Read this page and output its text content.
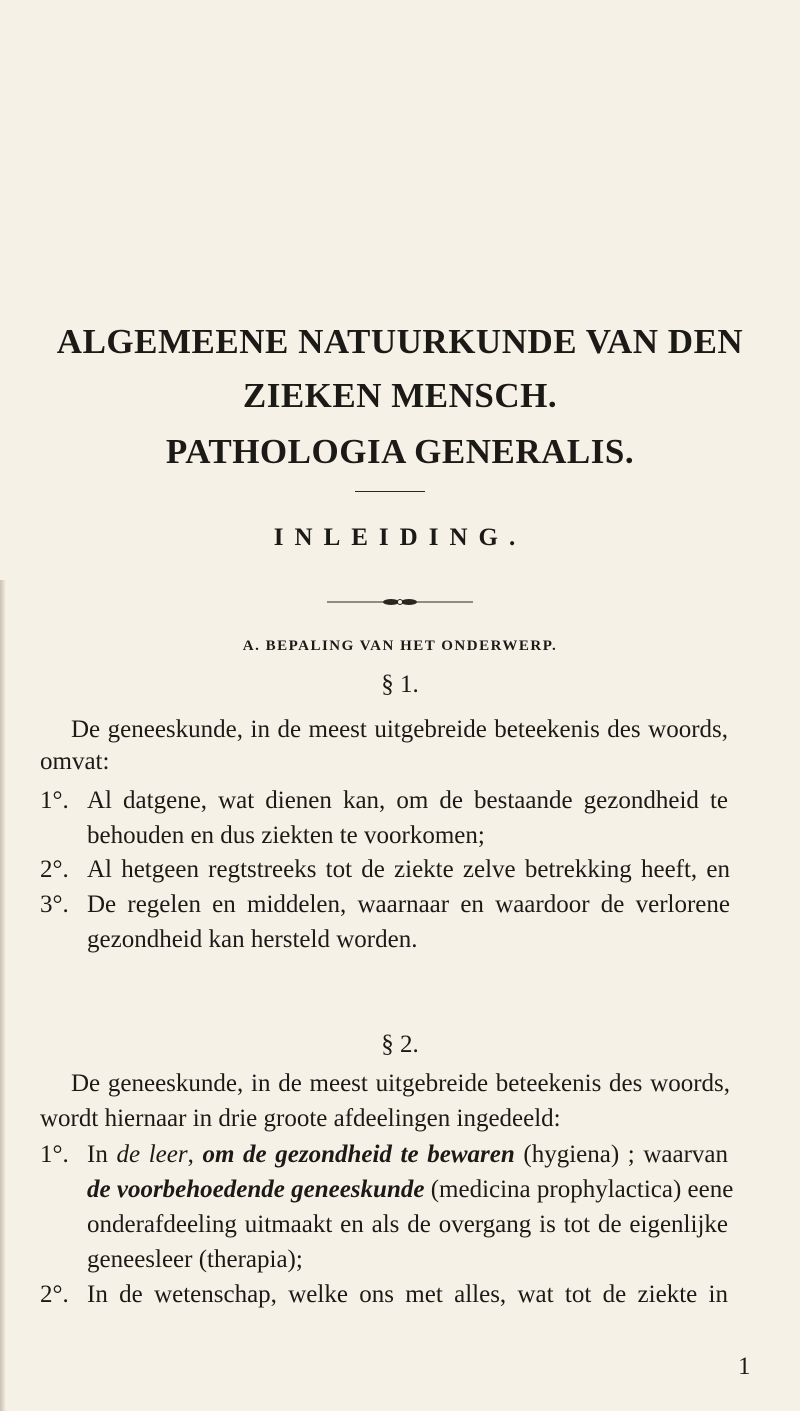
ALGEMEENE NATUURKUNDE VAN DEN
ZIEKEN MENSCH.
PATHOLOGIA GENERALIS.
INLEIDING.
A. BEPALING VAN HET ONDERWERP.
§ 1.
De geneeskunde, in de meest uitgebreide beteekenis des woords,
omvat:
1°. Al datgene, wat dienen kan, om de bestaande gezondheid te
behouden en dus ziekten te voorkomen;
2°. Al hetgeen regtstreeks tot de ziekte zelve betrekking heeft, en
3°. De regelen en middelen, waarnaar en waardoor de verlorene
gezondheid kan hersteld worden.
§ 2.
De geneeskunde, in de meest uitgebreide beteekenis des woords,
wordt hiernaar in drie groote afdeelingen ingedeeld:
1°. In de leer, om de gezondheid te bewaren (hygiena) ; waarvan
de voorbehoedende geneeskunde (medicina prophylactica) eene
onderafdeeling uitmaakt en als de overgang is tot de eigenlijke
geneesleer (therapia);
2°. In de wetenschap, welke ons met alles, wat tot de ziekte in
1
